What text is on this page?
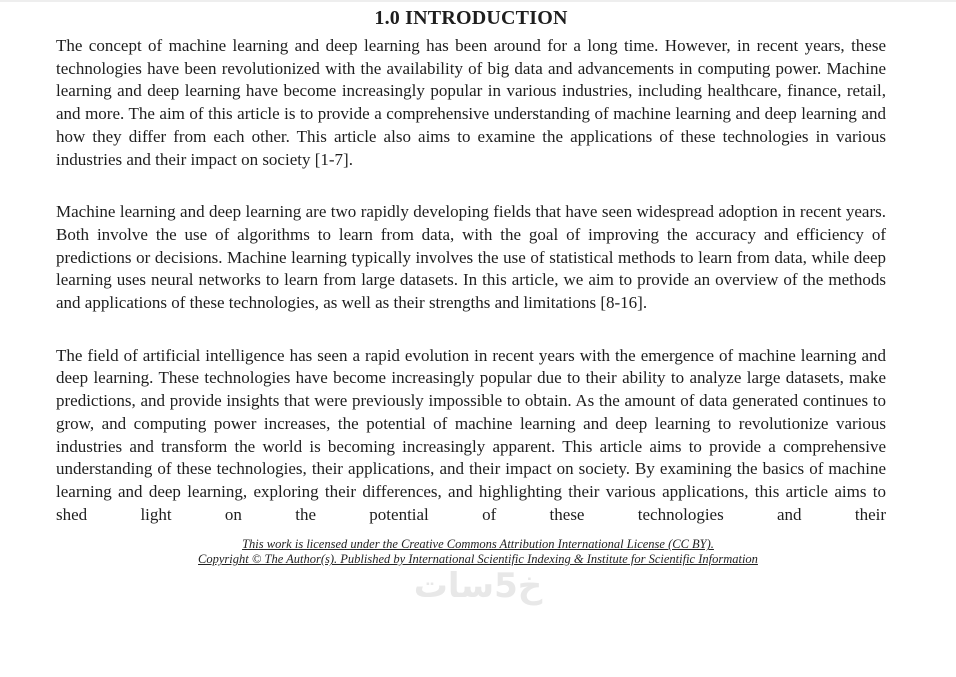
1.0 INTRODUCTION

The concept of machine learning and deep learning has been around for a long time. However, in recent years, these technologies have been revolutionized with the availability of big data and advancements in computing power. Machine learning and deep learning have become increasingly popular in various industries, including healthcare, finance, retail, and more. The aim of this article is to provide a comprehensive understanding of machine learning and deep learning and how they differ from each other. This article also aims to examine the applications of these technologies in various industries and their impact on society [1-7].

Machine learning and deep learning are two rapidly developing fields that have seen widespread adoption in recent years. Both involve the use of algorithms to learn from data, with the goal of improving the accuracy and efficiency of predictions or decisions. Machine learning typically involves the use of statistical methods to learn from data, while deep learning uses neural networks to learn from large datasets. In this article, we aim to provide an overview of the methods and applications of these technologies, as well as their strengths and limitations [8-16].

The field of artificial intelligence has seen a rapid evolution in recent years with the emergence of machine learning and deep learning. These technologies have become increasingly popular due to their ability to analyze large datasets, make predictions, and provide insights that were previously impossible to obtain. As the amount of data generated continues to grow, and computing power increases, the potential of machine learning and deep learning to revolutionize various industries and transform the world is becoming increasingly apparent. This article aims to provide a comprehensive understanding of these technologies, their applications, and their impact on society. By examining the basics of machine learning and deep learning, exploring their differences, and highlighting their various applications, this article aims to shed light on the potential of these technologies and their

This work is licensed under the Creative Commons Attribution International License (CC BY).
Copyright © The Author(s). Published by International Scientific Indexing & Institute for Scientific Information
خ5سات
